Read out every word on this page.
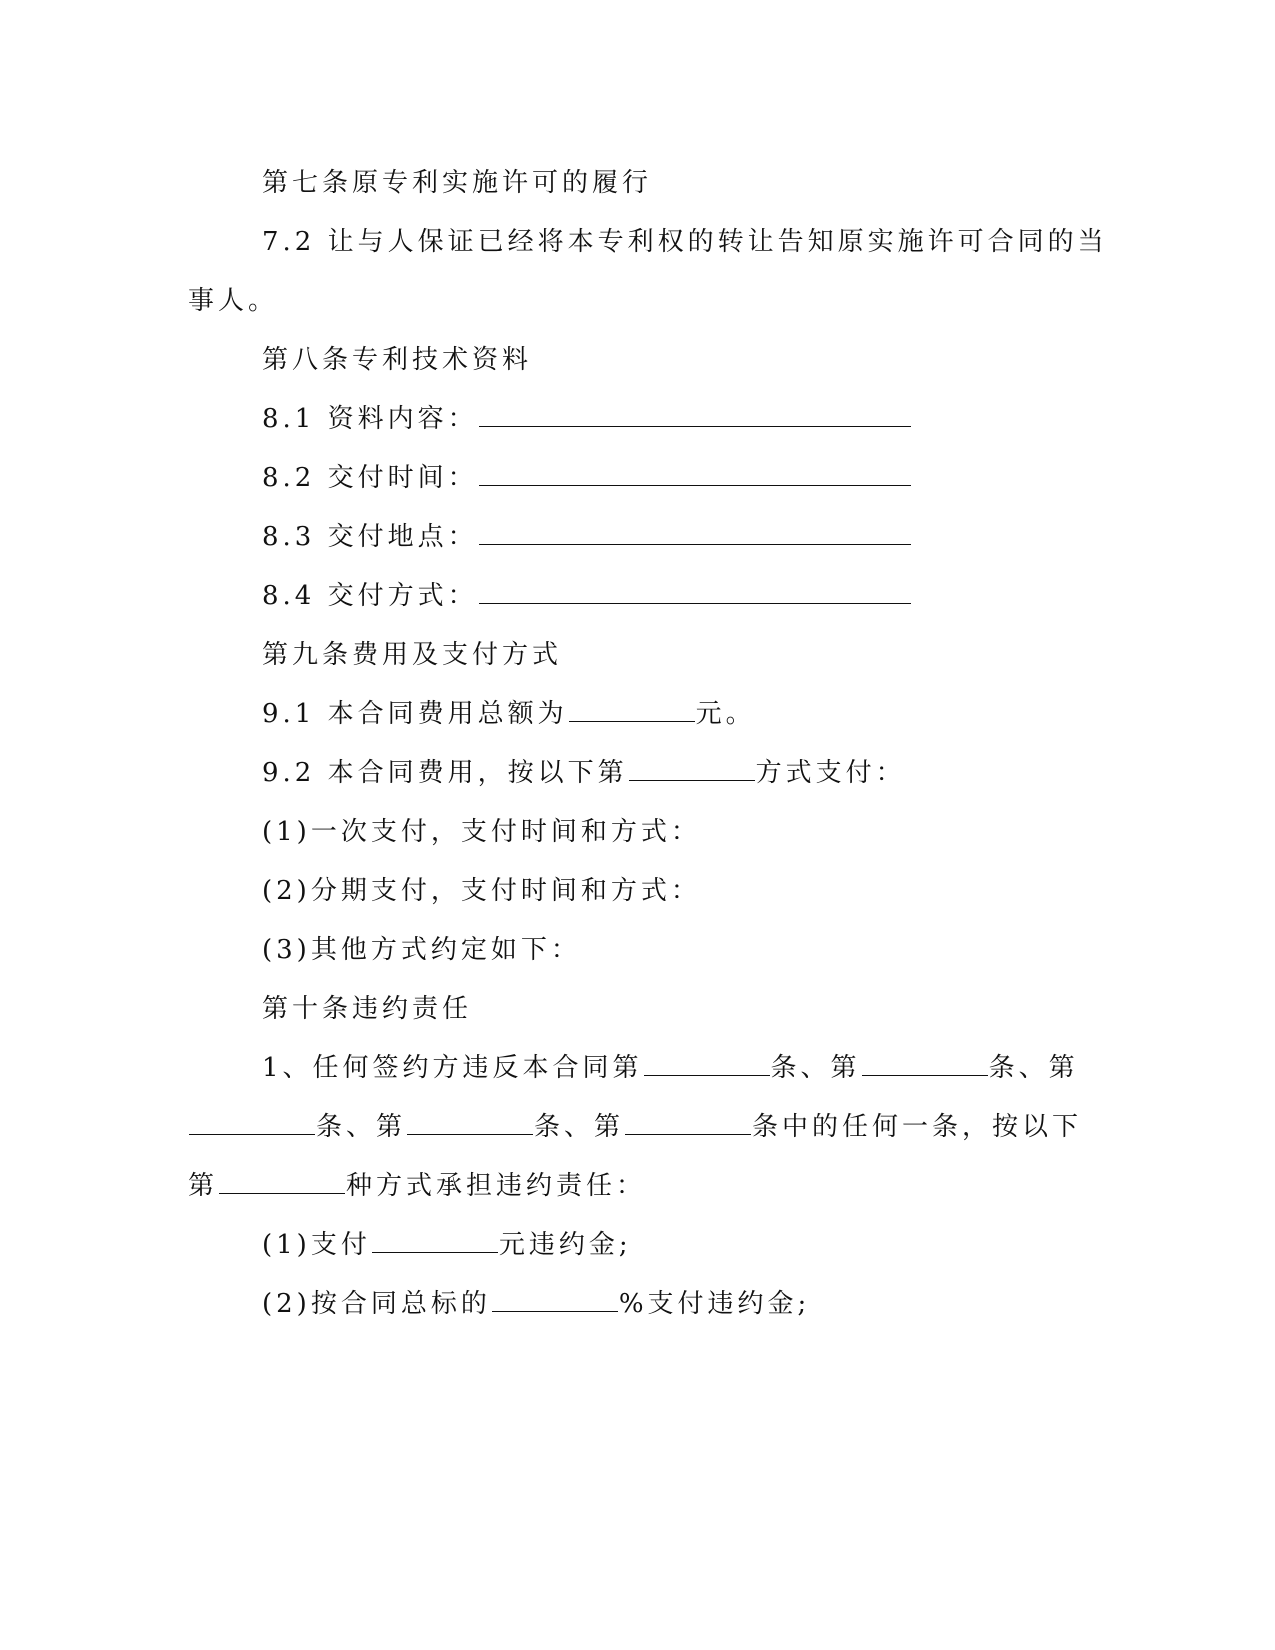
第七条原专利实施许可的履行
7.2 让与人保证已经将本专利权的转让告知原实施许可合同的当
事人。
第八条专利技术资料
8.1 资料内容：
8.2 交付时间：
8.3 交付地点：
8.4 交付方式：
第九条费用及支付方式
9.1 本合同费用总额为	元。
9.2 本合同费用，按以下第	方式支付：
(1)一次支付，支付时间和方式：
(2)分期支付，支付时间和方式：
(3)其他方式约定如下：
第十条违约责任
1、任何签约方违反本合同第	条、第	条、第
条、第	条、第	条中的任何一条，按以下
第	种方式承担违约责任：
(1)支付	元违约金;
(2)按合同总标的	%支付违约金;
